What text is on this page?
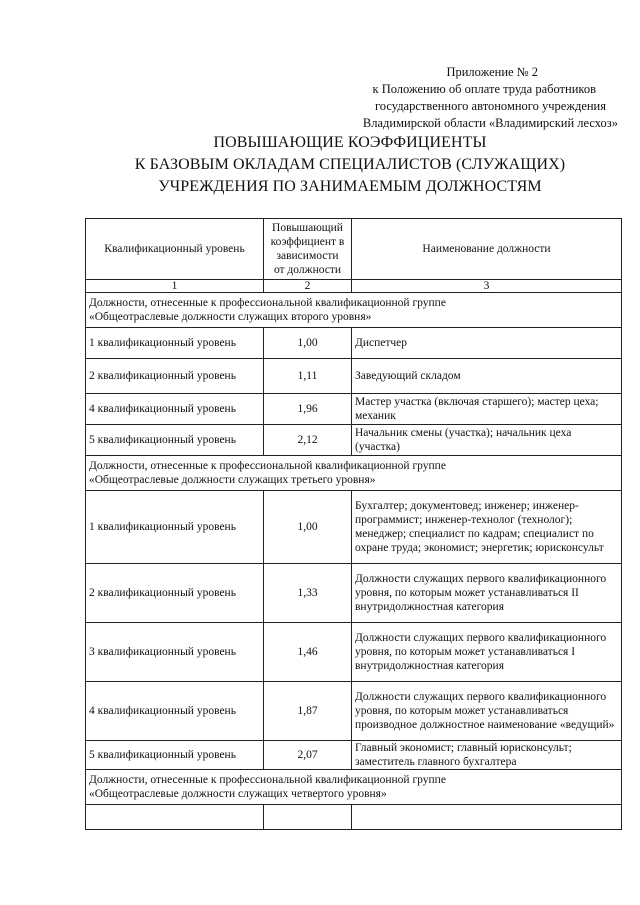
Приложение № 2
к Положению об оплате труда работников
государственного автономного учреждения
Владимирской области «Владимирский лесхоз»
ПОВЫШАЮЩИЕ КОЭФФИЦИЕНТЫ
К БАЗОВЫМ ОКЛАДАМ СПЕЦИАЛИСТОВ (СЛУЖАЩИХ)
УЧРЕЖДЕНИЯ ПО ЗАНИМАЕМЫМ ДОЛЖНОСТЯМ
Квалификационный уровень	Повышающий
коэффициент в
зависимости
от должности	Наименование должности
1	2	3

Должности, отнесенные к профессиональной квалификационной группе
«Общеотраслевые должности служащих второго уровня»		

1 квалификационный уровень	1,00	Диспетчер
2 квалификационный уровень	1,11	Заведующий складом
4 квалификационный уровень	1,96	Мастер участка (включая старшего); мастер цеха; механик
5 квалификационный уровень	2,12	Начальник смены (участка); начальник цеха (участка)

Должности, отнесенные к профессиональной квалификационной группе
«Общеотраслевые должности служащих третьего уровня»		

1 квалификационный уровень	1,00	Бухгалтер; документовед; инженер; инженер-программист; инженер-технолог (технолог); менеджер; специалист по кадрам; специалист по охране труда; экономист; энергетик; юрисконсульт
2 квалификационный уровень	1,33	Должности служащих первого квалификационного уровня, по которым может устанавливаться II внутридолжностная категория
3 квалификационный уровень	1,46	Должности служащих первого квалификационного уровня, по которым может устанавливаться I внутридолжностная категория
4 квалификационный уровень	1,87	Должности служащих первого квалификационного уровня, по которым может устанавливаться производное должностное наименование «ведущий»
5 квалификационный уровень	2,07	Главный экономист; главный юрисконсульт; заместитель главного бухгалтера

Должности, отнесенные к профессиональной квалификационной группе
«Общеотраслевые должности служащих четвертого уровня»		
